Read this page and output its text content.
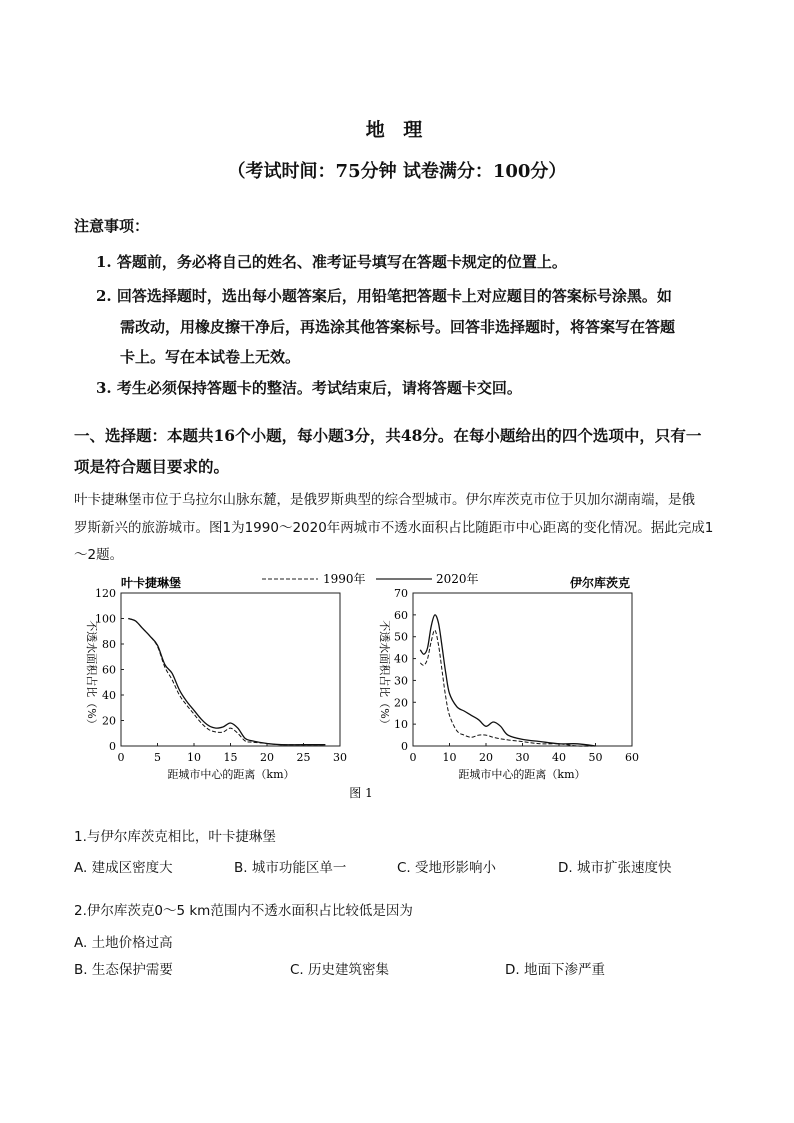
地 理
（考试时间：75分钟 试卷满分：100分）
注意事项：
1. 答题前，务必将自己的姓名、准考证号填写在答题卡规定的位置上。
2. 回答选择题时，选出每小题答案后，用铅笔把答题卡上对应题目的答案标号涂黑。如
需改动，用橡皮擦干净后，再选涂其他答案标号。回答非选择题时，将答案写在答题
卡上。写在本试卷上无效。
3. 考生必须保持答题卡的整洁。考试结束后，请将答题卡交回。
一、选择题：本题共16个小题，每小题3分，共48分。在每小题给出的四个选项中，只有一
项是符合题目要求的。
叶卡捷琳堡市位于乌拉尔山脉东麓，是俄罗斯典型的综合型城市。伊尔库茨克市位于贝加尔湖南端，是俄
罗斯新兴的旅游城市。图1为1990～2020年两城市不透水面积占比随距市中心距离的变化情况。据此完成1
～2题。
1990年	2020年
叶卡捷琳堡
0	5 10 15 20 25 30
0
20
40
60
80
100
120
不透水面积占比（%）
距城市中心的距离（km）
伊尔库茨克
0 10 20 30 40 50 60
0
10
20
30
40
50
60
70
不透水面积占比（%）
距城市中心的距离（km）
图 1
1.与伊尔库茨克相比，叶卡捷琳堡
A. 建成区密度大	B. 城市功能区单一	C. 受地形影响小	D. 城市扩张速度快
2.伊尔库茨克0～5 km范围内不透水面积占比较低是因为
A. 土地价格过高
B. 生态保护需要	C. 历史建筑密集	D. 地面下渗严重
